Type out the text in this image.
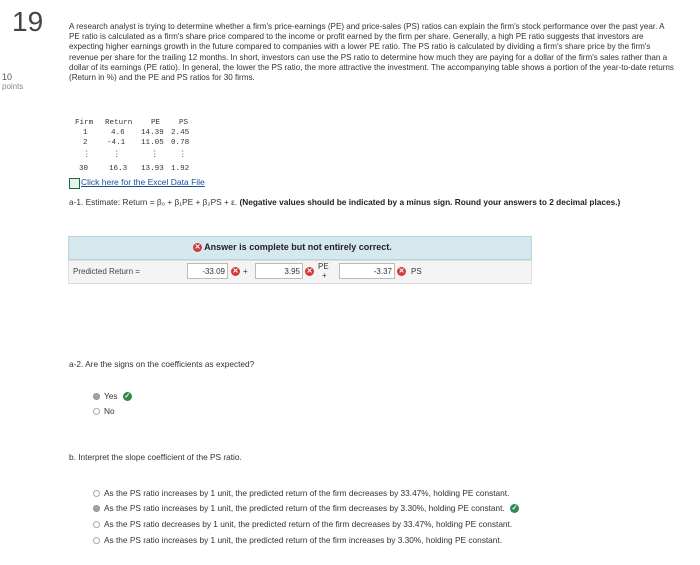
19
10
points
A research analyst is trying to determine whether a firm's price-earnings (PE) and price-sales (PS) ratios can explain the firm's stock performance over the past year. A PE ratio is calculated as a firm's share price compared to the income or profit earned by the firm per share. Generally, a high PE ratio suggests that investors are expecting higher earnings growth in the future compared to companies with a lower PE ratio. The PS ratio is calculated by dividing a firm's share price by the firm's revenue per share for the trailing 12 months. In short, investors can use the PS ratio to determine how much they are paying for a dollar of the firm's sales rather than a dollar of its earnings (PE ratio). In general, the lower the PS ratio, the more attractive the investment. The accompanying table shows a portion of the year-to-date returns (Return in %) and the PE and PS ratios for 30 firms.
Firm Return PE PS
1	4.6 14.39 2.45
2	-4.1 11.05 0.78
⋮	⋮	⋮	⋮
30	16.3 13.93 1.92
Click here for the Excel Data File
a-1. Estimate: Return = β₀ + β₁PE + β₂PS + ε. (Negative values should be indicated by a minus sign. Round your answers to 2 decimal places.)
✕ Answer is complete but not entirely correct.
Predicted Return =	-33.09	✕ +	3.95 ✕
PE
+	-3.37 ✕ PS
a-2. Are the signs on the coefficients as expected?
Yes ✓
No
b. Interpret the slope coefficient of the PS ratio.
As the PS ratio increases by 1 unit, the predicted return of the firm decreases by 33.47%, holding PE constant.
As the PS ratio increases by 1 unit, the predicted return of the firm decreases by 3.30%, holding PE constant. ✓
As the PS ratio decreases by 1 unit, the predicted return of the firm decreases by 33.47%, holding PE constant.
As the PS ratio increases by 1 unit, the predicted return of the firm increases by 3.30%, holding PE constant.
